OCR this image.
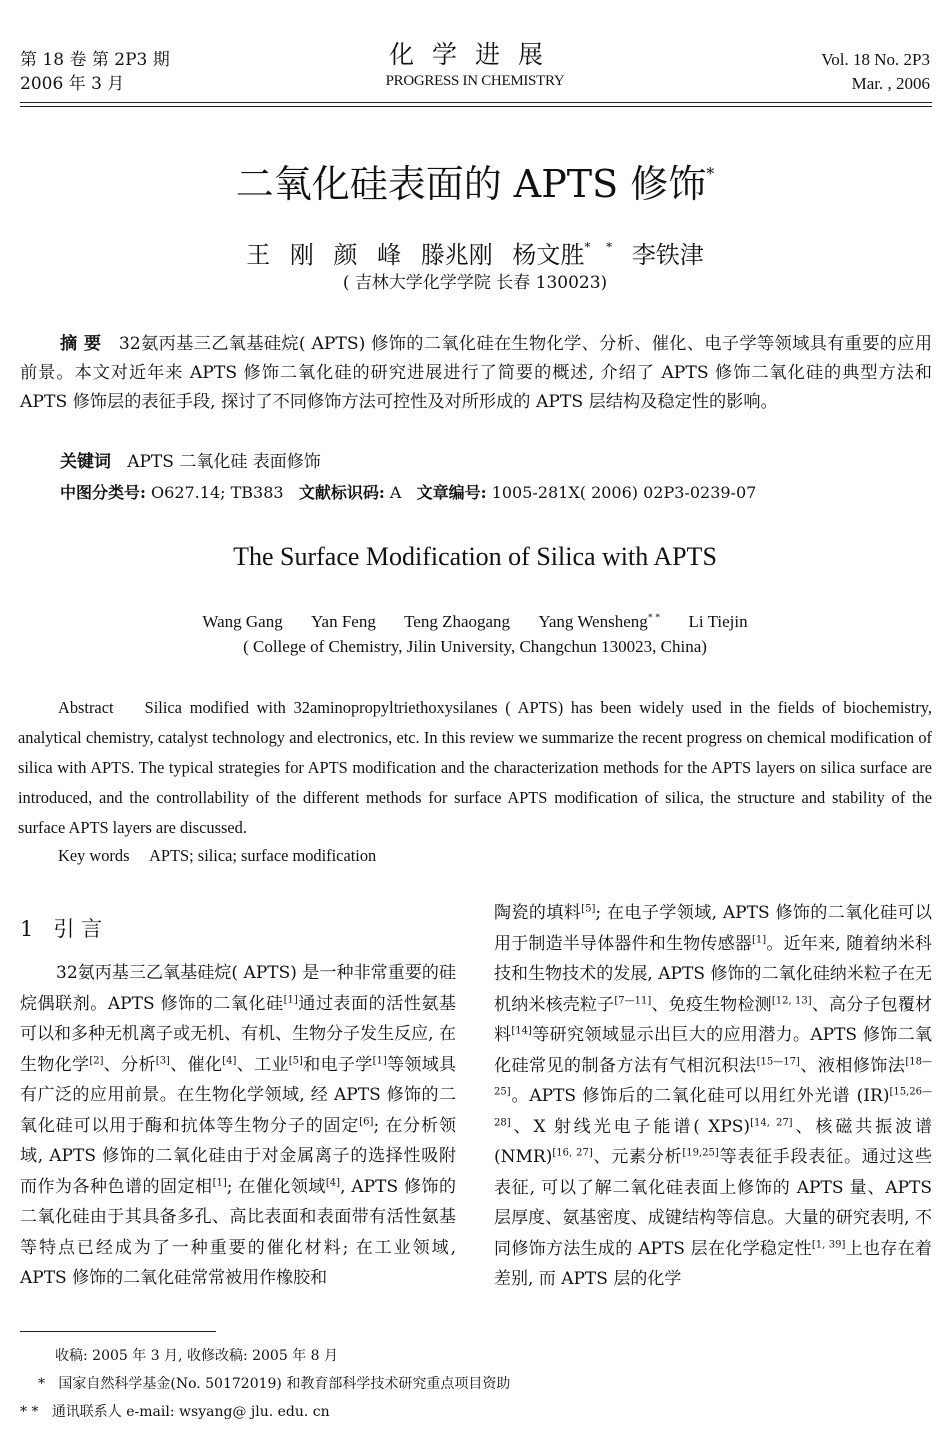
第 18 卷 第 2P3 期
2006 年 3 月
化学进展
PROGRESS IN CHEMISTRY
Vol. 18 No. 2P3
Mar. , 2006
二氧化硅表面的 APTS 修饰*
王 刚 颜 峰 滕兆刚 杨文胜* * 李铁津
( 吉林大学化学学院 长春 130023)
摘 要 32氨丙基三乙氧基硅烷( APTS) 修饰的二氧化硅在生物化学、分析、催化、电子学等领域具有重要的应用前景。本文对近年来 APTS 修饰二氧化硅的研究进展进行了简要的概述, 介绍了 APTS 修饰二氧化硅的典型方法和 APTS 修饰层的表征手段, 探讨了不同修饰方法可控性及对所形成的 APTS 层结构及稳定性的影响。
关键词 APTS 二氧化硅 表面修饰
中图分类号: O627.14; TB383 文献标识码: A 文章编号: 1005-281X( 2006) 02P3-0239-07
The Surface Modification of Silica with APTS
Wang Gang Yan Feng Teng Zhaogang Yang Wensheng* * Li Tiejin
( College of Chemistry, Jilin University, Changchun 130023, China)
Abstract Silica modified with 32aminopropyltriethoxysilanes ( APTS) has been widely used in the fields of biochemistry, analytical chemistry, catalyst technology and electronics, etc. In this review we summarize the recent progress on chemical modification of silica with APTS. The typical strategies for APTS modification and the characterization methods for the APTS layers on silica surface are introduced, and the controllability of the different methods for surface APTS modification of silica, the structure and stability of the surface APTS layers are discussed.
Key words APTS; silica; surface modification
1 引 言
32氨丙基三乙氧基硅烷( APTS) 是一种非常重要的硅烷偶联剂。APTS 修饰的二氧化硅[1]通过表面的活性氨基可以和多种无机离子或无机、有机、生物分子发生反应, 在生物化学[2]、分析[3]、催化[4]、工业[5]和电子学[1]等领域具有广泛的应用前景。在生物化学领域, 经 APTS 修饰的二氧化硅可以用于酶和抗体等生物分子的固定[6]; 在分析领域, APTS 修饰的二氧化硅由于对金属离子的选择性吸附而作为各种色谱的固定相[1]; 在催化领域[4], APTS 修饰的二氧化硅由于其具备多孔、高比表面和表面带有活性氨基等特点已经成为了一种重要的催化材料; 在工业领域, APTS 修饰的二氧化硅常常被用作橡胶和
陶瓷的填料[5]; 在电子学领域, APTS 修饰的二氧化硅可以用于制造半导体器件和生物传感器[1]。近年来, 随着纳米科技和生物技术的发展, APTS 修饰的二氧化硅纳米粒子在无机纳米核壳粒子[7—11]、免疫生物检测[12, 13]、高分子包覆材料[14]等研究领域显示出巨大的应用潜力。APTS 修饰二氧化硅常见的制备方法有气相沉积法[15—17]、液相修饰法[18—25]。APTS 修饰后的二氧化硅可以用红外光谱 (IR)[15,26—28]、X 射线光电子能谱( XPS)[14, 27]、核磁共振波谱(NMR)[16, 27]、元素分析[19,25]等表征手段表征。通过这些表征, 可以了解二氧化硅表面上修饰的 APTS 量、APTS 层厚度、氨基密度、成键结构等信息。大量的研究表明, 不同修饰方法生成的 APTS 层在化学稳定性[1, 39]上也存在着差别, 而 APTS 层的化学
收稿: 2005 年 3 月, 收修改稿: 2005 年 8 月
* 国家自然科学基金(No. 50172019) 和教育部科学技术研究重点项目资助
* * 通讯联系人 e-mail: wsyang@ jlu. edu. cn
